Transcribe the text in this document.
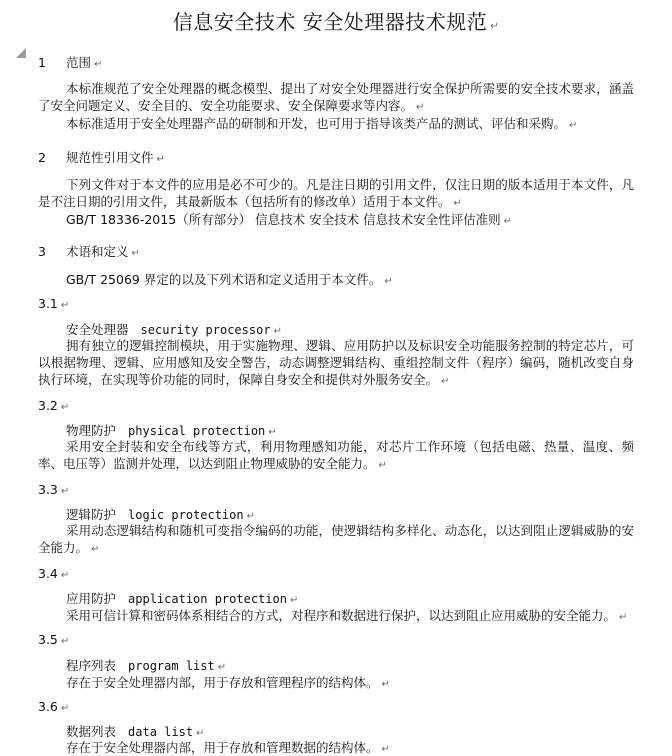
信息安全技术 安全处理器技术规范 ↵
1 范围 ↵
本标准规范了安全处理器的概念模型、提出了对安全处理器进行安全保护所需要的安全技术要求，涵盖了安全问题定义、安全目的、安全功能要求、安全保障要求等内容。 ↵
本标准适用于安全处理器产品的研制和开发，也可用于指导该类产品的测试、评估和采购。 ↵
2 规范性引用文件 ↵
下列文件对于本文件的应用是必不可少的。凡是注日期的引用文件，仅注日期的版本适用于本文件，凡是不注日期的引用文件，其最新版本（包括所有的修改单）适用于本文件。 ↵
GB/T 18336-2015（所有部分） 信息技术 安全技术 信息技术安全性评估准则 ↵
3 术语和定义 ↵
GB/T 25069 界定的以及下列术语和定义适用于本文件。 ↵
3.1 ↵
安全处理器 security processor ↵
拥有独立的逻辑控制模块，用于实施物理、逻辑、应用防护以及标识安全功能服务控制的特定芯片，可以根据物理、逻辑、应用感知及安全警告，动态调整逻辑结构、重组控制文件（程序）编码，随机改变自身执行环境，在实现等价功能的同时，保障自身安全和提供对外服务安全。 ↵
3.2 ↵
物理防护 physical protection ↵
采用安全封装和安全布线等方式，利用物理感知功能，对芯片工作环境（包括电磁、热量、温度、频率、电压等）监测并处理，以达到阻止物理威胁的安全能力。 ↵
3.3 ↵
逻辑防护 logic protection ↵
采用动态逻辑结构和随机可变指令编码的功能，使逻辑结构多样化、动态化，以达到阻止逻辑威胁的安全能力。 ↵
3.4 ↵
应用防护 application protection ↵
采用可信计算和密码体系相结合的方式，对程序和数据进行保护，以达到阻止应用威胁的安全能力。 ↵
3.5 ↵
程序列表 program list ↵
存在于安全处理器内部，用于存放和管理程序的结构体。 ↵
3.6 ↵
数据列表 data list ↵
存在于安全处理器内部，用于存放和管理数据的结构体。 ↵
